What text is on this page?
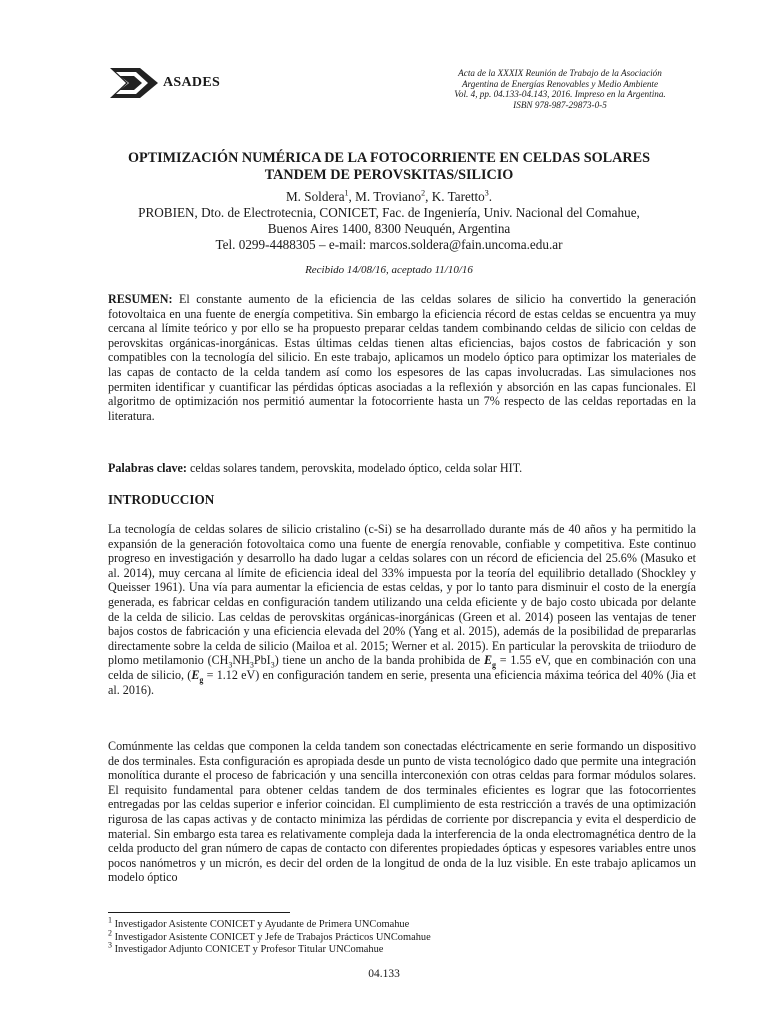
ASADES
Acta de la XXXIX Reunión de Trabajo de la Asociación
Argentina de Energías Renovables y Medio Ambiente
Vol. 4, pp. 04.133-04.143, 2016. Impreso en la Argentina.
ISBN 978-987-29873-0-5
OPTIMIZACIÓN NUMÉRICA DE LA FOTOCORRIENTE EN CELDAS SOLARES
TANDEM DE PEROVSKITAS/SILICIO
M. Soldera$^1$, M. Troviano$^2$, K. Taretto$^3$.
PROBIEN, Dto. de Electrotecnia, CONICET, Fac. de Ingeniería, Univ. Nacional del Comahue,
Buenos Aires 1400, 8300 Neuquén, Argentina
Tel. 0299-4488305 – e-mail: marcos.soldera@fain.uncoma.edu.ar
Recibido 14/08/16, aceptado 11/10/16
RESUMEN: El constante aumento de la eficiencia de las celdas solares de silicio ha convertido la generación fotovoltaica en una fuente de energía competitiva. Sin embargo la eficiencia récord de estas celdas se encuentra ya muy cercana al límite teórico y por ello se ha propuesto preparar celdas tandem combinando celdas de silicio con celdas de perovskitas orgánicas-inorgánicas. Estas últimas celdas tienen altas eficiencias, bajos costos de fabricación y son compatibles con la tecnología del silicio. En este trabajo, aplicamos un modelo óptico para optimizar los materiales de las capas de contacto de la celda tandem así como los espesores de las capas involucradas. Las simulaciones nos permiten identificar y cuantificar las pérdidas ópticas asociadas a la reflexión y absorción en las capas funcionales. El algoritmo de optimización nos permitió aumentar la fotocorriente hasta un 7% respecto de las celdas reportadas en la literatura.
Palabras clave: celdas solares tandem, perovskita, modelado óptico, celda solar HIT.
INTRODUCCION
La tecnología de celdas solares de silicio cristalino (c-Si) se ha desarrollado durante más de 40 años y ha permitido la expansión de la generación fotovoltaica como una fuente de energía renovable, confiable y competitiva. Este continuo progreso en investigación y desarrollo ha dado lugar a celdas solares con un récord de eficiencia del 25.6% (Masuko et al. 2014), muy cercana al límite de eficiencia ideal del 33% impuesta por la teoría del equilibrio detallado (Shockley y Queisser 1961). Una vía para aumentar la eficiencia de estas celdas, y por lo tanto para disminuir el costo de la energía generada, es fabricar celdas en configuración tandem utilizando una celda eficiente y de bajo costo ubicada por delante de la celda de silicio. Las celdas de perovskitas orgánicas-inorgánicas (Green et al. 2014) poseen las ventajas de tener bajos costos de fabricación y una eficiencia elevada del 20% (Yang et al. 2015), además de la posibilidad de prepararlas directamente sobre la celda de silicio (Mailoa et al. 2015; Werner et al. 2015). En particular la perovskita de triioduro de plomo metilamonio $(CH_3NH_3PbI_3)$ tiene un ancho de la banda prohibida de $E_g = 1.55$ eV, que en combinación con una celda de silicio, ($E_g = 1.12$ eV) en configuración tandem en serie, presenta una eficiencia máxima teórica del 40% (Jia et al. 2016).
Comúnmente las celdas que componen la celda tandem son conectadas eléctricamente en serie formando un dispositivo de dos terminales. Esta configuración es apropiada desde un punto de vista tecnológico dado que permite una integración monolítica durante el proceso de fabricación y una sencilla interconexión con otras celdas para formar módulos solares. El requisito fundamental para obtener celdas tandem de dos terminales eficientes es lograr que las fotocorrientes entregadas por las celdas superior e inferior coincidan. El cumplimiento de esta restricción a través de una optimización rigurosa de las capas activas y de contacto minimiza las pérdidas de corriente por discrepancia y evita el desperdicio de material. Sin embargo esta tarea es relativamente compleja dada la interferencia de la onda electromagnética dentro de la celda producto del gran número de capas de contacto con diferentes propiedades ópticas y espesores variables entre unos pocos nanómetros y un micrón, es decir del orden de la longitud de onda de la luz visible. En este trabajo aplicamos un modelo óptico
$^1$ Investigador Asistente CONICET y Ayudante de Primera UNComahue
$^2$ Investigador Asistente CONICET y Jefe de Trabajos Prácticos UNComahue
$^3$ Investigador Adjunto CONICET y Profesor Titular UNComahue
04.133
